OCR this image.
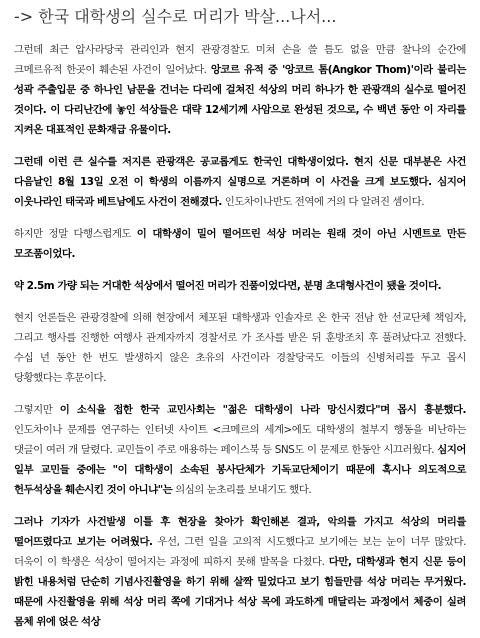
-> 한국 대학생의 실수로 머리가 박살...나서...

그런데 최근 압사라당국 관리인과 현지 관광경찰도 미쳐 손을 쓸 틈도 없을 만큼 찰나의 순간에 크메르유적 한곳이 훼손된 사건이 일어났다. 앙코르 유적 중 '앙코르 톰(Angkor Thom)'이라 불리는 성곽 주출입문 중 하나인 남문을 건너는 다리에 걸쳐진 석상의 머리 하나가 한 관광객의 실수로 떨어진 것이다. 이 다리난간에 놓인 석상들은 대략 12세기께 사암으로 완성된 것으로, 수 백년 동안 이 자리를 지켜온 대표적인 문화재급 유물이다.

그런데 이런 큰 실수를 저지른 관광객은 공교롭게도 한국인 대학생이었다. 현지 신문 대부분은 사건 다음날인 8월 13일 오전 이 학생의 이름까지 실명으로 거론하며 이 사건을 크게 보도했다. 심지어 이웃나라인 태국과 베트남에도 사건이 전해졌다. 인도차이나반도 전역에 거의 다 알려진 셈이다.

하지만 정말 다행스럽게도 이 대학생이 밀어 떨어뜨린 석상 머리는 원래 것이 아닌 시멘트로 만든 모조품이었다.

약 2.5m 가량 되는 거대한 석상에서 떨어진 머리가 진품이었다면, 분명 초대형사건이 됐을 것이다.

현지 언론들은 관광경찰에 의해 현장에서 체포된 대학생과 인솔자로 온 한국 전남 한 선교단체 책임자, 그리고 행사를 진행한 여행사 관계자까지 경찰서로 가 조사를 받은 뒤 훈방조치 후 풀려났다고 전했다. 수십 년 동안 한 번도 발생하지 않은 초유의 사건이라 경찰당국도 이들의 신병처리를 두고 몹시 당황했다는 후문이다.

그렇지만 이 소식을 접한 한국 교민사회는 "젊은 대학생이 나라 망신시켰다"며 몹시 흥분했다. 인도차이나 문제를 연구하는 인터넷 사이트 <크메르의 세계>에도 대학생의 철부지 행동을 비난하는 댓글이 여러 개 달렸다. 교민들이 주로 애용하는 페이스북 등 SNS도 이 문제로 한동안 시끄러웠다. 심지어 일부 교민들 중에는 "이 대학생이 소속된 봉사단체가 기독교단체이기 때문에 혹시나 의도적으로 헌두석상을 훼손시킨 것이 아니냐"는 의심의 눈초리를 보내기도 했다.

그러나 기자가 사건발생 이틀 후 현장을 찾아가 확인해본 결과, 악의를 가지고 석상의 머리를 떨어뜨렸다고 보기는 어려웠다. 우선, 그런 일을 고의적 시도했다고 보기에는 보는 눈이 너무 많았다. 더욱이 이 학생은 석상이 떨어지는 과정에 피하지 못해 발목을 다쳤다. 다만, 대학생과 현지 신문 등이 밝힌 내용처럼 단순히 기념사진촬영을 하기 위해 살짝 밀었다고 보기 힘들만큼 석상 머리는 무거웠다. 때문에 사진촬영을 위해 석상 머리 쪽에 기대거나 석상 목에 과도하게 매달리는 과정에서 체중이 실려 몸체 위에 얹은 석상
